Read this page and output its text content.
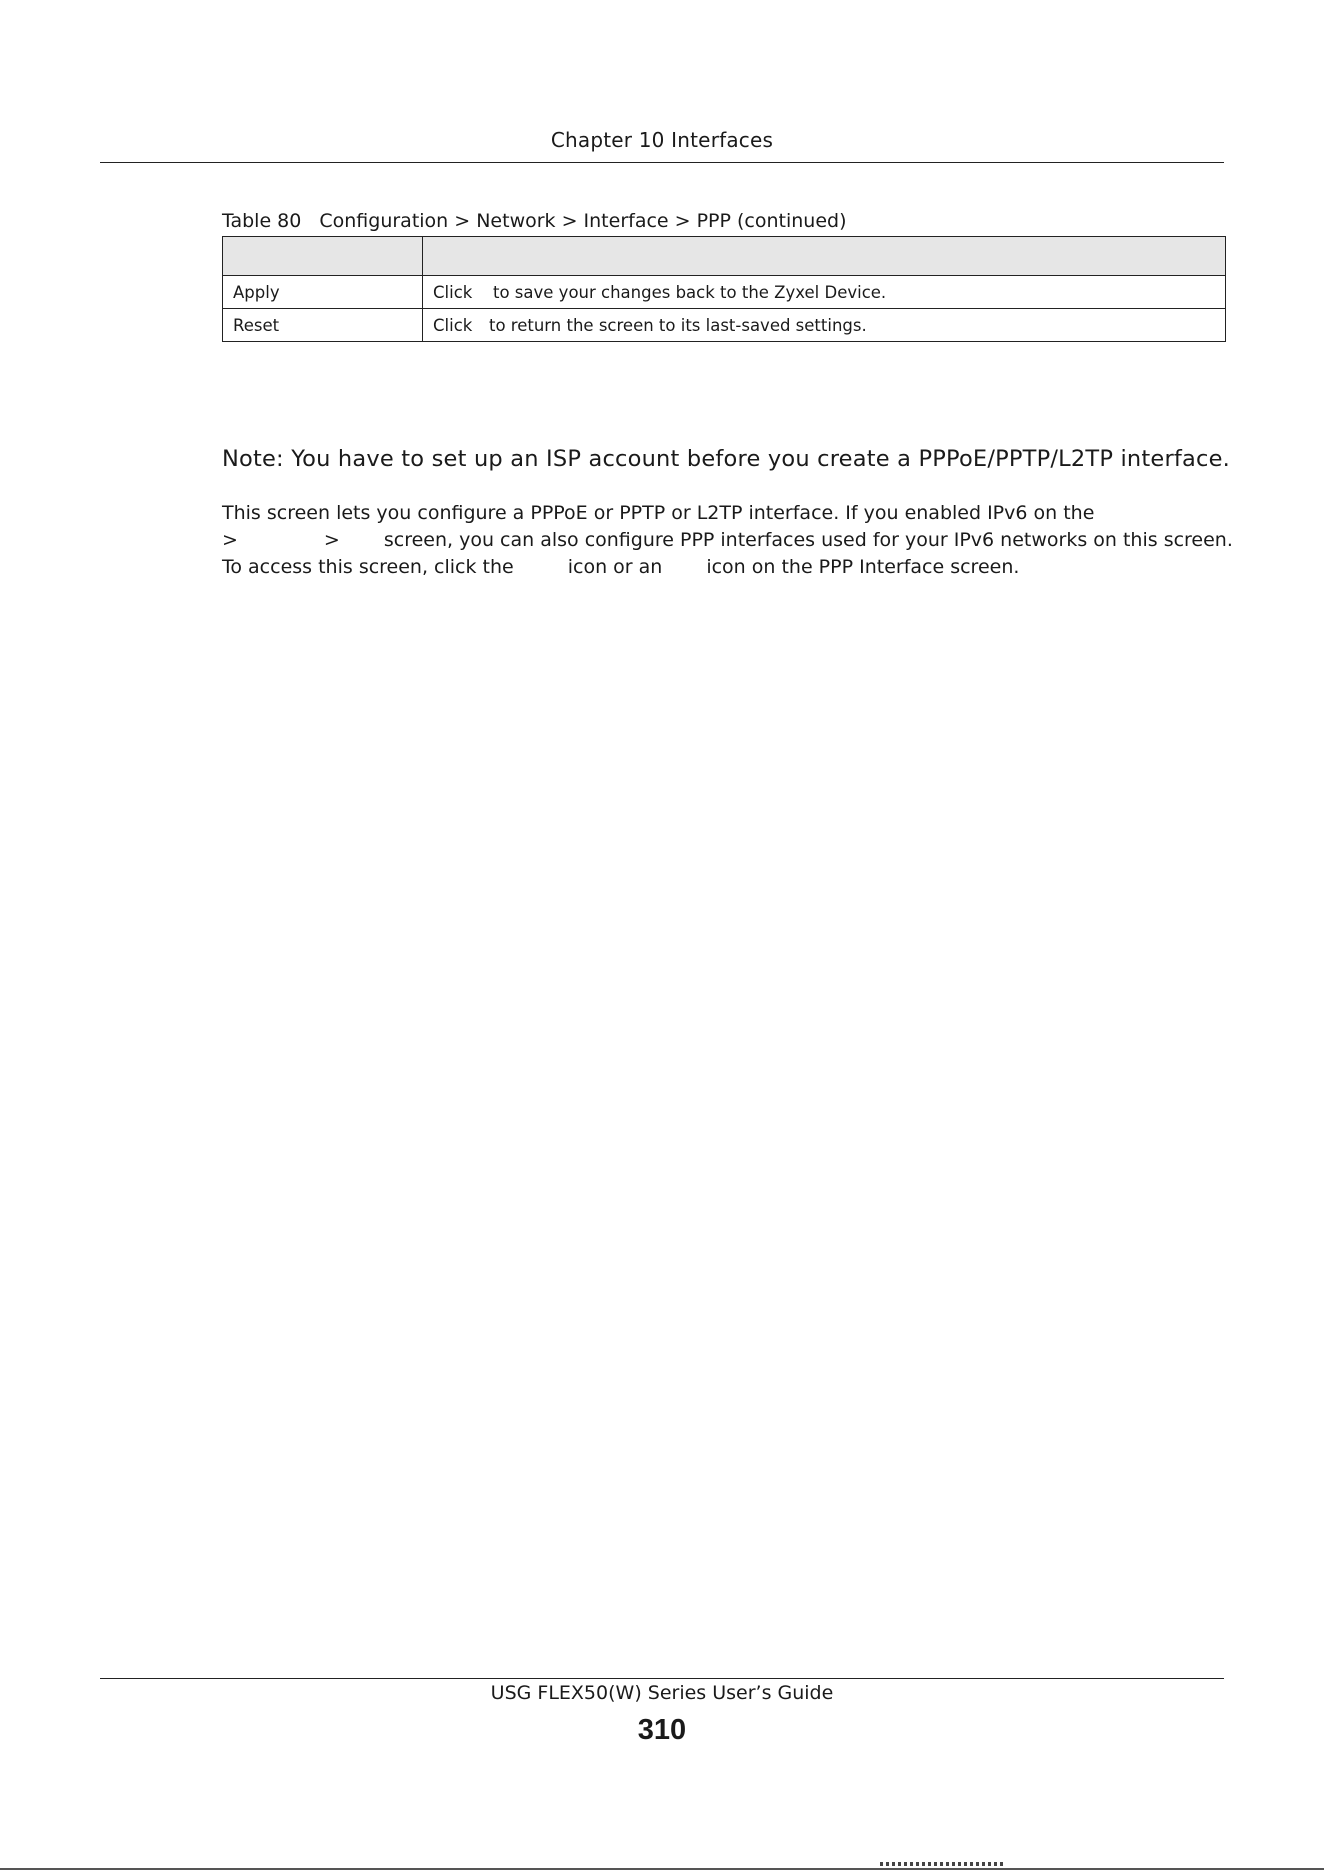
Chapter 10 Interfaces
Table 80 Configuration > Network > Interface > PPP (continued)

Apply	Click to save your changes back to the Zyxel Device.
Reset	Click to return the screen to its last-saved settings.
Note: You have to set up an ISP account before you create a PPPoE/PPTP/L2TP interface.
This screen lets you configure a PPPoE or PPTP or L2TP interface. If you enabled IPv6 on the
>	> screen, you can also configure PPP interfaces used for your IPv6 networks on this screen.
To access this screen, click the	icon or an icon on the PPP Interface screen.
USG FLEX50(W) Series User’s Guide
310
